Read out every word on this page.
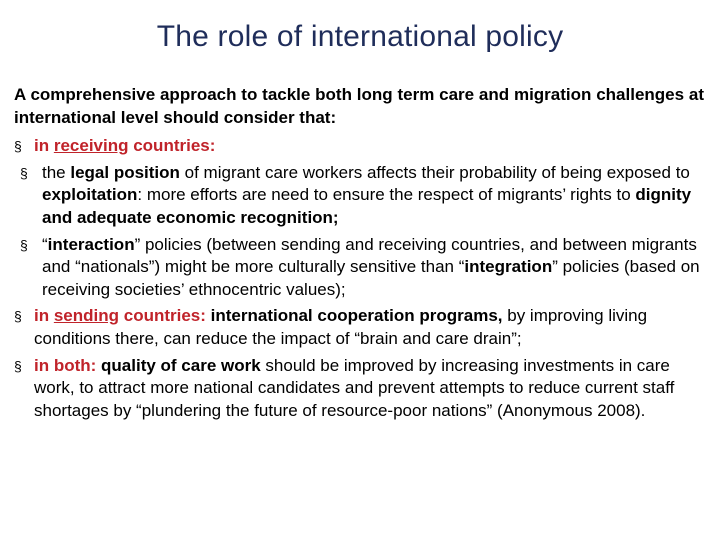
The role of international policy

A comprehensive approach to tackle both long term care and migration challenges at international level should consider that:

§ in receiving countries:
§ the legal position of migrant care workers affects their probability of being exposed to exploitation: more efforts are need to ensure the respect of migrants’ rights to dignity and adequate economic recognition;
§ “interaction” policies (between sending and receiving countries, and between migrants and “nationals”) might be more culturally sensitive than “integration” policies (based on receiving societies’ ethnocentric values);
§ in sending countries: international cooperation programs, by improving living conditions there, can reduce the impact of “brain and care drain”;
§ in both: quality of care work should be improved by increasing investments in care work, to attract more national candidates and prevent attempts to reduce current staff shortages by “plundering the future of resource-poor nations” (Anonymous 2008).
